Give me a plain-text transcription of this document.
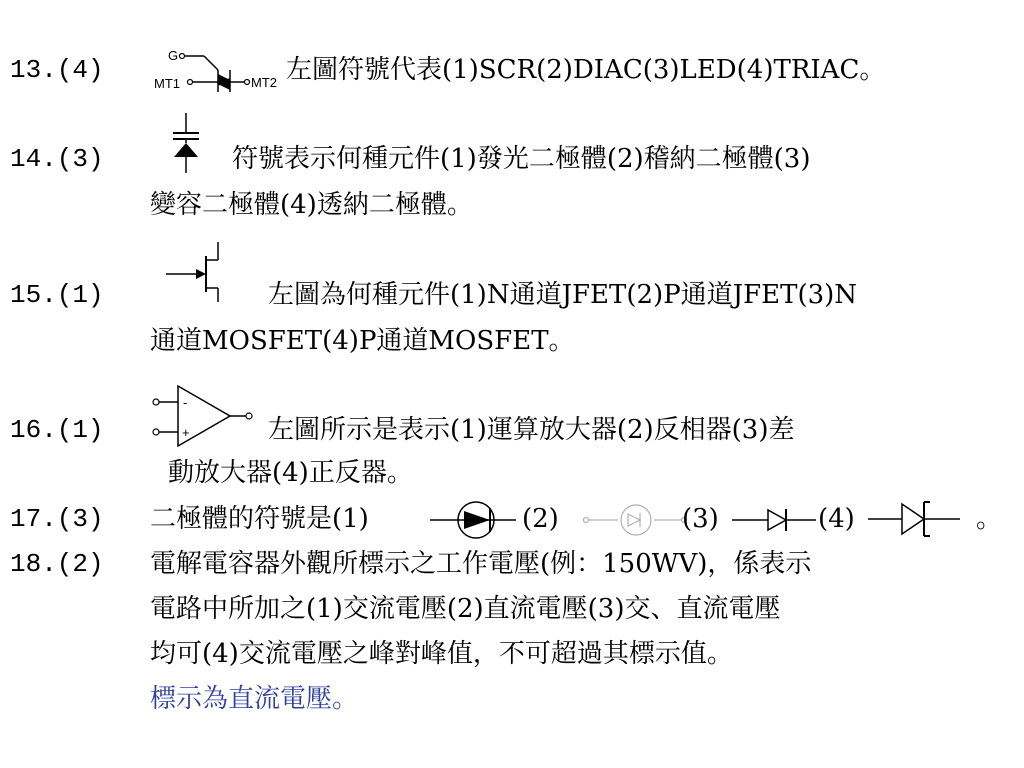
13.(4)	G
MT1	MT2 左圖符號代表(1)SCR(2)DIAC(3)LED(4)TRIAC。
14.(3)	符號表示何種元件(1)發光二極體(2)稽納二極體(3)
變容二極體(4)透納二極體。
15.(1)	左圖為何種元件(1)N通道JFET(2)P通道JFET(3)N
通道MOSFET(4)P通道MOSFET。
16.(1)
-
+	左圖所示是表示(1)運算放大器(2)反相器(3)差
動放大器(4)正反器。
17.(3) 二極體的符號是(1)	(2)	(3)	(4)	。
18.(2) 電解電容器外觀所標示之工作電壓(例：150WV)，係表示
電路中所加之(1)交流電壓(2)直流電壓(3)交、直流電壓
均可(4)交流電壓之峰對峰值，不可超過其標示值。
標示為直流電壓。
